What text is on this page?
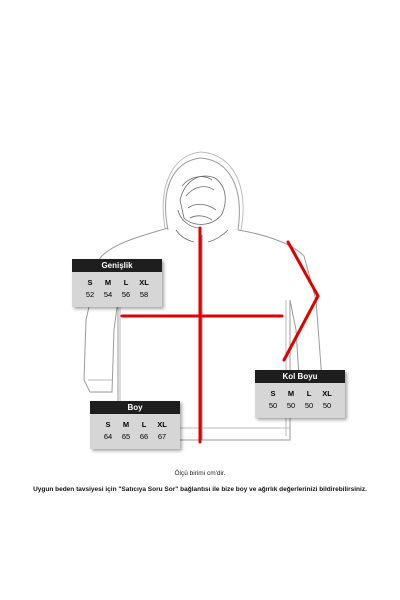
Genişlik
S	M	L	XL
52	54	56	58
Kol Boyu
S	M	L	XL
50	50	50	50
Boy
S	M	L	XL
64	65	66	67
Ölçü birimi cm'dir.
Uygun beden tavsiyesi için "Satıcıya Soru Sor" bağlantısı ile bize boy ve ağırlık değerlerinizi bildirebilirsiniz.
